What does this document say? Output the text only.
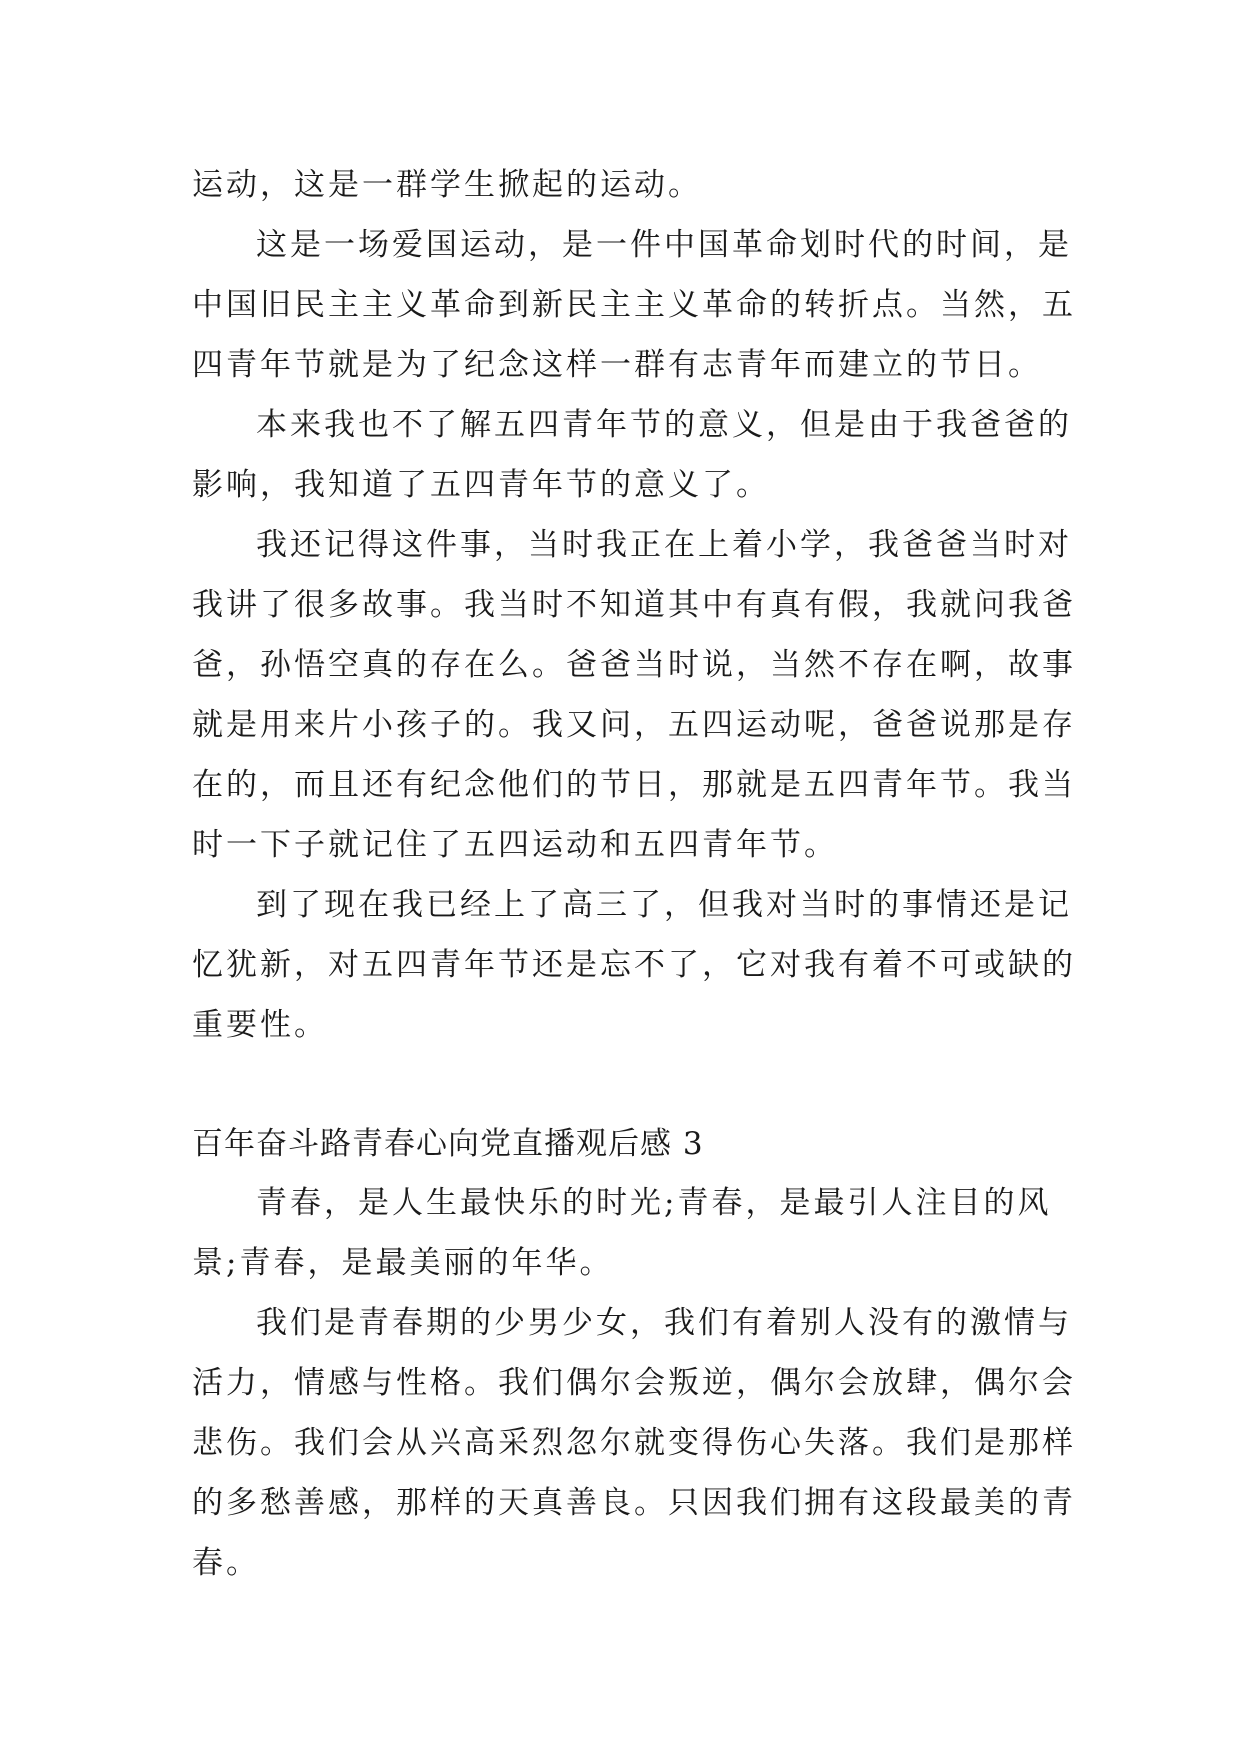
运动，这是一群学生掀起的运动。
这是一场爱国运动，是一件中国革命划时代的时间，是
中国旧民主主义革命到新民主主义革命的转折点。当然，五
四青年节就是为了纪念这样一群有志青年而建立的节日。
本来我也不了解五四青年节的意义，但是由于我爸爸的
影响，我知道了五四青年节的意义了。
我还记得这件事，当时我正在上着小学，我爸爸当时对
我讲了很多故事。我当时不知道其中有真有假，我就问我爸
爸，孙悟空真的存在么。爸爸当时说，当然不存在啊，故事
就是用来片小孩子的。我又问，五四运动呢，爸爸说那是存
在的，而且还有纪念他们的节日，那就是五四青年节。我当
时一下子就记住了五四运动和五四青年节。
到了现在我已经上了高三了，但我对当时的事情还是记
忆犹新，对五四青年节还是忘不了，它对我有着不可或缺的
重要性。
百年奋斗路青春心向党直播观后感 3
青春，是人生最快乐的时光;青春，是最引人注目的风
景;青春，是最美丽的年华。
我们是青春期的少男少女，我们有着别人没有的激情与
活力，情感与性格。我们偶尔会叛逆，偶尔会放肆，偶尔会
悲伤。我们会从兴高采烈忽尔就变得伤心失落。我们是那样
的多愁善感，那样的天真善良。只因我们拥有这段最美的青
春。
